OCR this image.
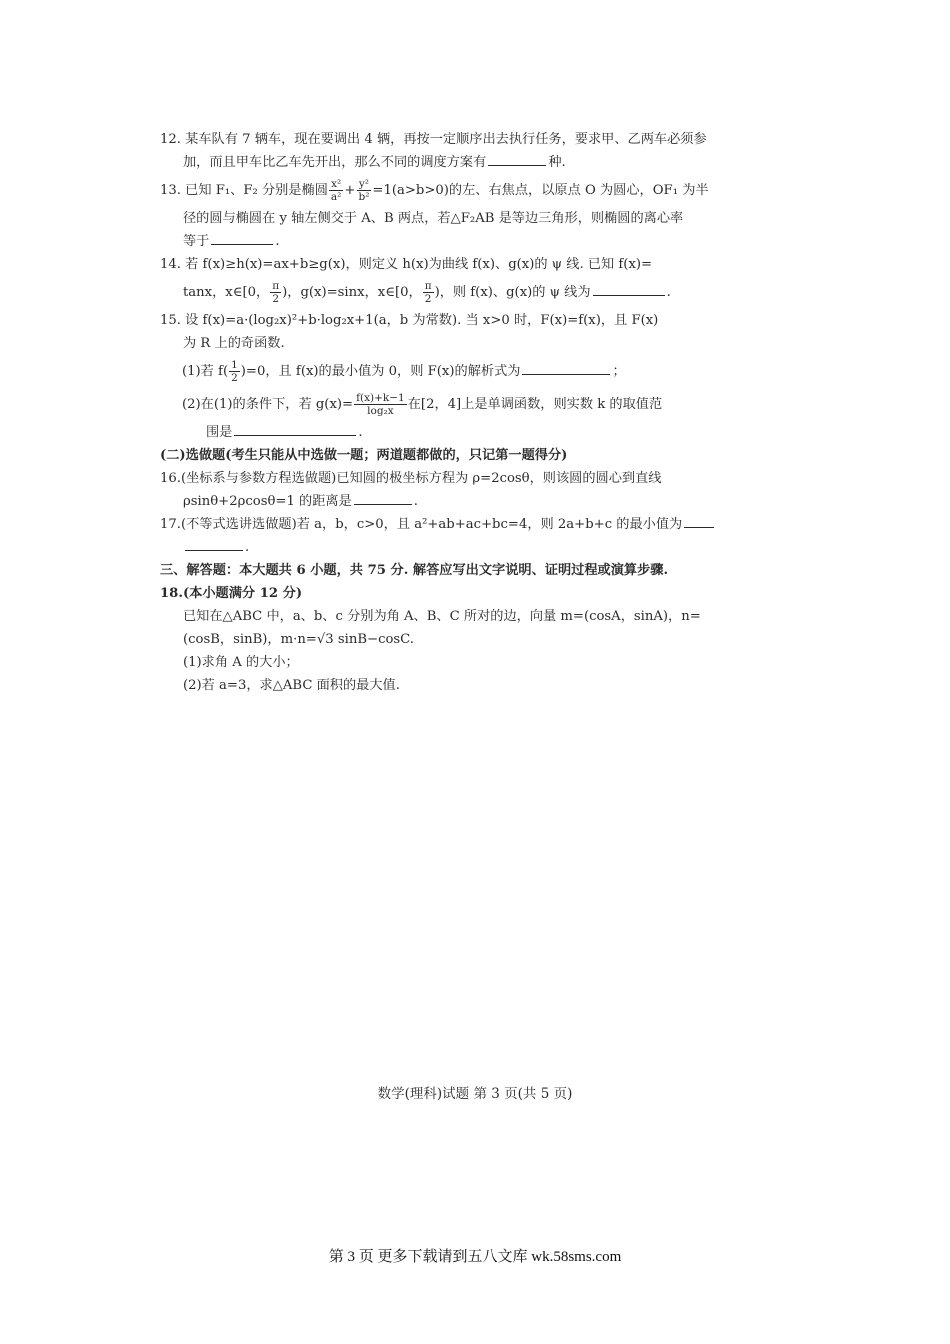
12. 某车队有 7 辆车，现在要调出 4 辆，再按一定顺序出去执行任务，要求甲、乙两车必须参
加，而且甲车比乙车先开出，那么不同的调度方案有	种.
13. 已知 F₁、F₂ 分别是椭圆 $\frac{\text{x²}}{\text{a²}} + \frac{\text{y²}}{\text{b²}} =1(a>b>0)$的左、右焦点，以原点 O 为圆心，OF₁ 为半
径的圆与椭圆在 y 轴左侧交于 A、B 两点，若△F₂AB 是等边三角形，则椭圆的离心率
等于	.
14. 若 f(x)≥h(x)=ax+b≥g(x)，则定义 h(x)为曲线 f(x)、g(x)的 ψ 线. 已知 f(x)=
tanx，x∈[0， $\frac{\pi}{2}$ )，g(x)=sinx，x∈[0， $\frac{\pi}{2}$ )，则 f(x)、g(x)的 ψ 线为	.
15. 设 f(x)=a·(log₂x)²+b·log₂x+1(a，b 为常数). 当 x>0 时，F(x)=f(x)，且 F(x)
为 R 上的奇函数.
(1)若 $f( \frac{1}{2} )=0$，且 f(x)的最小值为 0，则 F(x)的解析式为	；
(2)在(1)的条件下，若 $g(x)= \frac{f(x)+k-1}{\text{log₂x}}$ 在[2，4]上是单调函数，则实数 k 的取值范
围是	.
(二)选做题(考生只能从中选做一题；两道题都做的，只记第一题得分)
16.(坐标系与参数方程选做题)已知圆的极坐标方程为 ρ=2cosθ，则该圆的圆心到直线
ρsinθ+2ρcosθ=1 的距离是	.
17.(不等式选讲选做题)若 a，b，c>0，且 a²+ab+ac+bc=4，则 2a+b+c 的最小值为
.
三、解答题：本大题共 6 小题，共 75 分. 解答应写出文字说明、证明过程或演算步骤.
18.(本小题满分 12 分)
已知在△ABC 中，a、b、c 分别为角 A、B、C 所对的边，向量 m=(cosA，sinA)，n=
(cosB，sinB)，m·n=√3 sinB−cosC.
(1)求角 A 的大小；
(2)若 a=3，求△ABC 面积的最大值.
数学(理科)试题 第 3 页(共 5 页)
第 3 页 更多下载请到五八文库 wk.58sms.com
